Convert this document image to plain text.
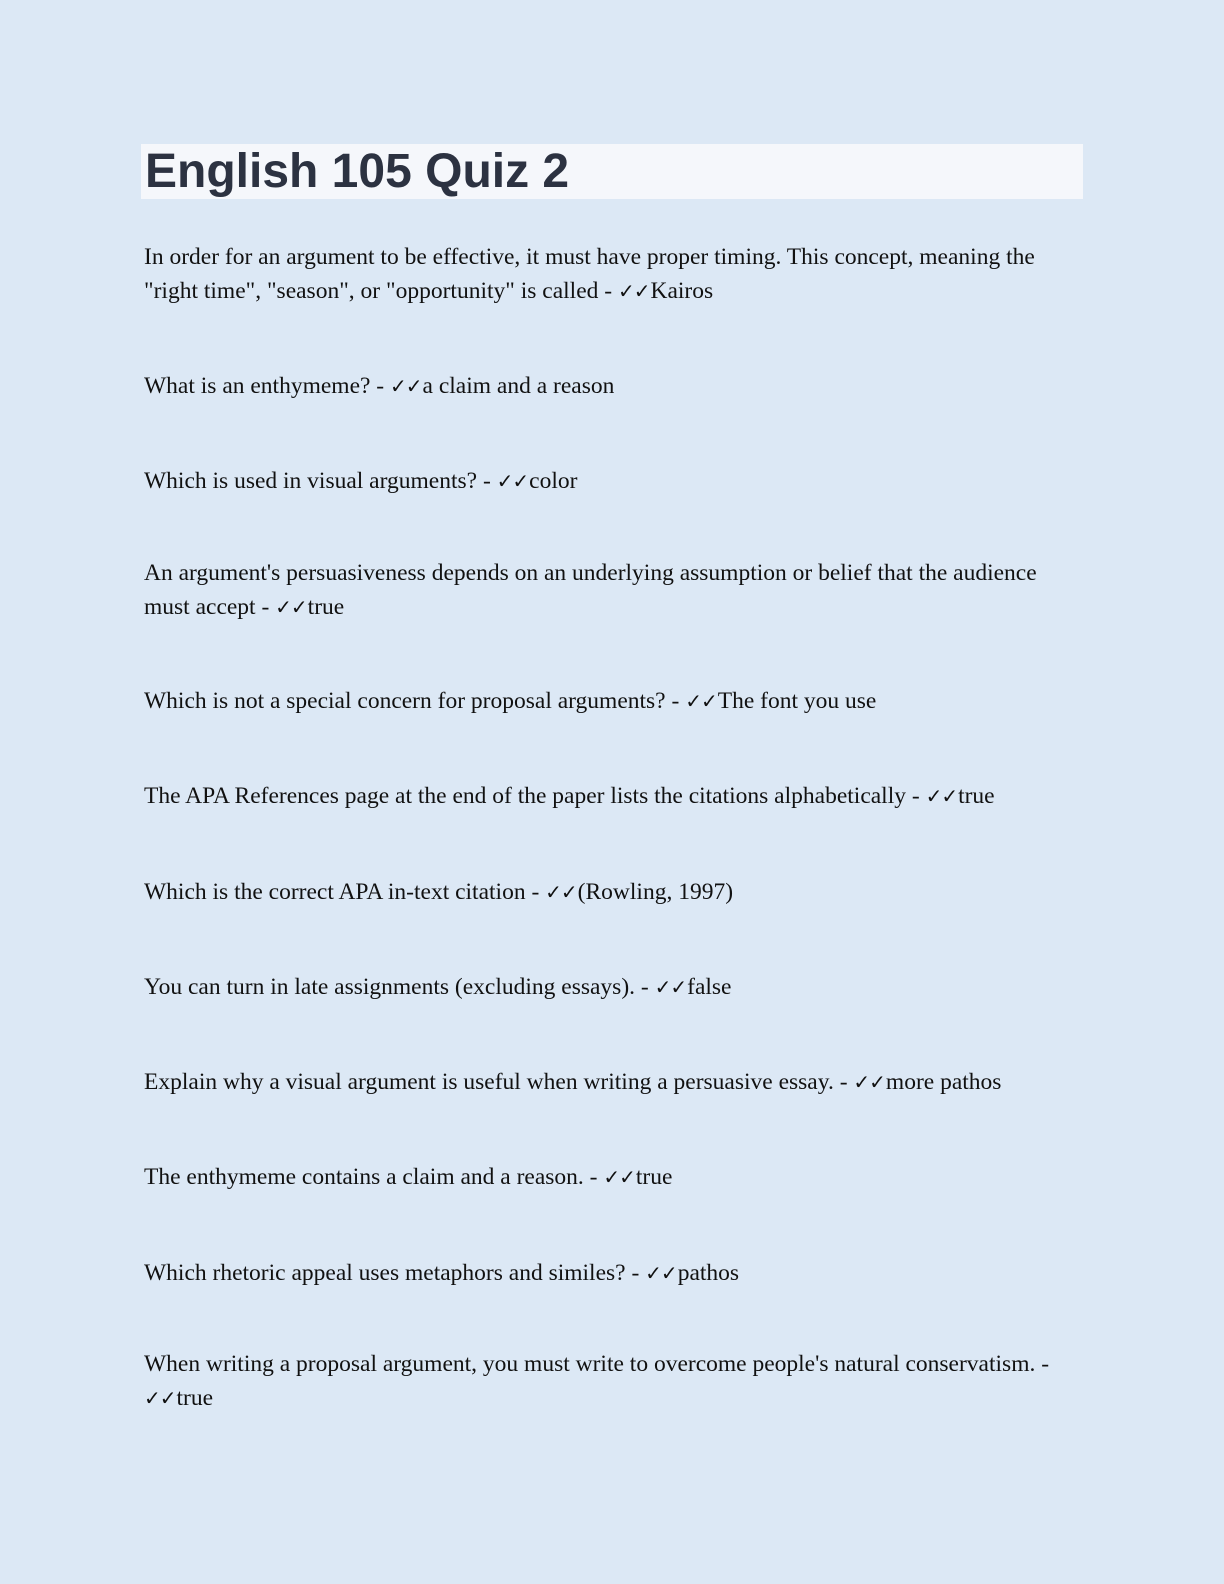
English 105 Quiz 2

In order for an argument to be effective, it must have proper timing. This concept, meaning the "right time", "season", or "opportunity" is called - ✓✓Kairos

What is an enthymeme? - ✓✓a claim and a reason

Which is used in visual arguments? - ✓✓color

An argument's persuasiveness depends on an underlying assumption or belief that the audience must accept - ✓✓true

Which is not a special concern for proposal arguments? - ✓✓The font you use

The APA References page at the end of the paper lists the citations alphabetically - ✓✓true

Which is the correct APA in-text citation - ✓✓(Rowling, 1997)

You can turn in late assignments (excluding essays). - ✓✓false

Explain why a visual argument is useful when writing a persuasive essay. - ✓✓more pathos

The enthymeme contains a claim and a reason. - ✓✓true

Which rhetoric appeal uses metaphors and similes? - ✓✓pathos

When writing a proposal argument, you must write to overcome people's natural conservatism. - ✓✓true
